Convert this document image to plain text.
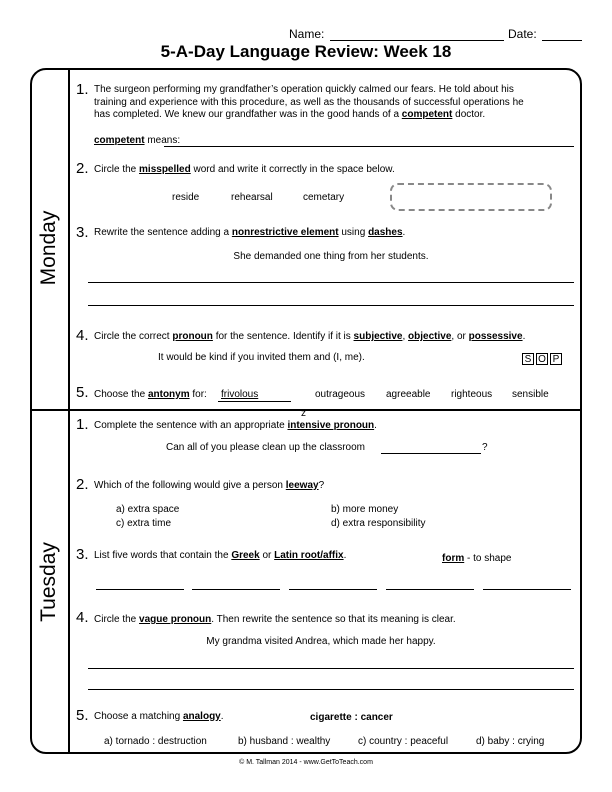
Name:	Date:
5-A-Day Language Review: Week 18
Monday
Tuesday
1. The surgeon performing my grandfather’s operation quickly calmed our fears. He told about his
training and experience with this procedure, as well as the thousands of successful operations he
has completed. We knew our grandfather was in the good hands of a competent doctor.
competent means:
2. Circle the misspelled word and write it correctly in the space below.
reside	rehearsal	cemetary
3. Rewrite the sentence adding a nonrestrictive element using dashes.
She demanded one thing from her students.
4. Circle the correct pronoun for the sentence. Identify if it is subjective, objective, or possessive.
It would be kind if you invited them and (I, me).	S O P
5. Choose the antonym for: frivolous	outrageous agreeable righteous sensible
1.
z
Complete the sentence with an appropriate intensive pronoun.
Can all of you please clean up the classroom	?
2. Which of the following would give a person leeway?
a) extra space	b) more money
c) extra time	d) extra responsibility
3. List five words that contain the Greek or Latin root/affix.	form - to shape
4. Circle the vague pronoun. Then rewrite the sentence so that its meaning is clear.
My grandma visited Andrea, which made her happy.
5. Choose a matching analogy.	cigarette : cancer
a) tornado : destruction	b) husband : wealthy	c) country : peaceful	d) baby : crying
© M. Tallman 2014 - www.GetToTeach.com
